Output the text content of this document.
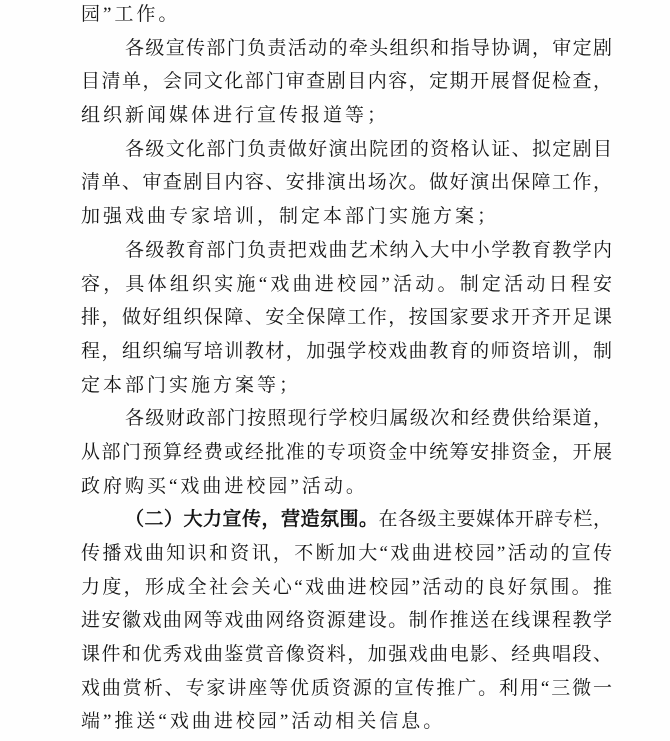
园”工作。
各级宣传部门负责活动的牵头组织和指导协调，审定剧
目清单，会同文化部门审查剧目内容，定期开展督促检查，
组织新闻媒体进行宣传报道等；
各级文化部门负责做好演出院团的资格认证、拟定剧目
清单、审查剧目内容、安排演出场次。做好演出保障工作，
加强戏曲专家培训，制定本部门实施方案；
各级教育部门负责把戏曲艺术纳入大中小学教育教学内
容，具体组织实施“戏曲进校园”活动。制定活动日程安
排，做好组织保障、安全保障工作，按国家要求开齐开足课
程，组织编写培训教材，加强学校戏曲教育的师资培训，制
定本部门实施方案等；
各级财政部门按照现行学校归属级次和经费供给渠道，
从部门预算经费或经批准的专项资金中统筹安排资金，开展
政府购买“戏曲进校园”活动。
（二）大力宣传，营造氛围。在各级主要媒体开辟专栏，
传播戏曲知识和资讯，不断加大“戏曲进校园”活动的宣传
力度，形成全社会关心“戏曲进校园”活动的良好氛围。推
进安徽戏曲网等戏曲网络资源建设。制作推送在线课程教学
课件和优秀戏曲鉴赏音像资料，加强戏曲电影、经典唱段、
戏曲赏析、专家讲座等优质资源的宣传推广。利用“三微一
端”推送“戏曲进校园”活动相关信息。
